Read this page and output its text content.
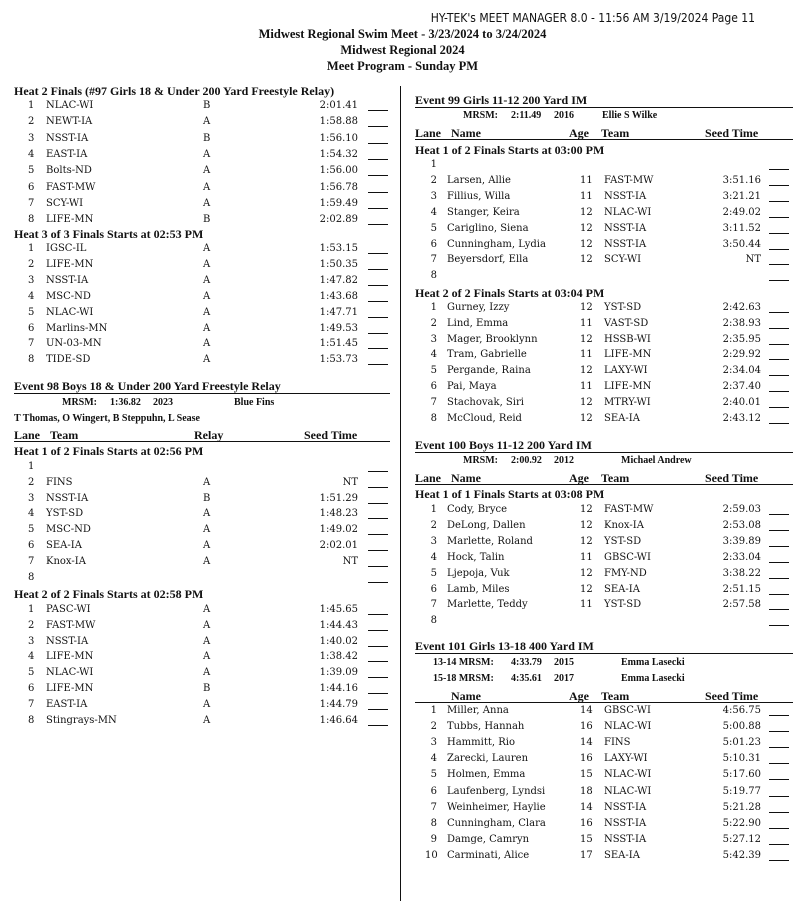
HY-TEK's MEET MANAGER 8.0 - 11:56 AM 3/19/2024 Page 11
Midwest Regional Swim Meet - 3/23/2024 to 3/24/2024
Midwest Regional 2024
Meet Program - Sunday PM
Heat 2 Finals (#97 Girls 18 & Under 200 Yard Freestyle Relay)
1 NLAC-WI	B	2:01.41
2 NEWT-IA	A	1:58.88
3 NSST-IA	B	1:56.10
4 EAST-IA	A	1:54.32
5 Bolts-ND	A	1:56.00
6 FAST-MW	A	1:56.78
7 SCY-WI	A	1:59.49
8 LIFE-MN	B	2:02.89
Heat 3 of 3 Finals Starts at 02:53 PM
1 IGSC-IL	A	1:53.15
2 LIFE-MN	A	1:50.35
3 NSST-IA	A	1:47.82
4 MSC-ND	A	1:43.68
5 NLAC-WI	A	1:47.71
6 Marlins-MN	A	1:49.53
7 UN-03-MN	A	1:51.45
8 TIDE-SD	A	1:53.73
Event 98 Boys 18 & Under 200 Yard Freestyle Relay
MRSM: 1:36.82 2023	Blue Fins
T Thomas, O Wingert, B Steppuhn, L Sease
Lane Team	Relay	Seed Time
Heat 1 of 2 Finals Starts at 02:56 PM
1
2 FINS	A	NT
3 NSST-IA	B	1:51.29
4 YST-SD	A	1:48.23
5 MSC-ND	A	1:49.02
6 SEA-IA	A	2:02.01
7 Knox-IA	A	NT
8
Heat 2 of 2 Finals Starts at 02:58 PM
1 PASC-WI	A	1:45.65
2 FAST-MW	A	1:44.43
3 NSST-IA	A	1:40.02
4 LIFE-MN	A	1:38.42
5 NLAC-WI	A	1:39.09
6 LIFE-MN	B	1:44.16
7 EAST-IA	A	1:44.79
8 Stingrays-MN	A	1:46.64
Event 99 Girls 11-12 200 Yard IM
MRSM: 2:11.49 2016	Ellie S Wilke
Lane Name	Age Team	Seed Time
Heat 1 of 2 Finals Starts at 03:00 PM
1
2 Larsen, Allie	11 FAST-MW	3:51.16
3 Fillius, Willa	11 NSST-IA	3:21.21
4 Stanger, Keira	12 NLAC-WI	2:49.02
5 Cariglino, Siena	12 NSST-IA	3:11.52
6 Cunningham, Lydia	12 NSST-IA	3:50.44
7 Beyersdorf, Ella	12 SCY-WI	NT
8
Heat 2 of 2 Finals Starts at 03:04 PM
1 Gurney, Izzy	12 YST-SD	2:42.63
2 Lind, Emma	11 VAST-SD	2:38.93
3 Mager, Brooklynn	12 HSSB-WI	2:35.95
4 Tram, Gabrielle	11 LIFE-MN	2:29.92
5 Pergande, Raina	12 LAXY-WI	2:34.04
6 Pai, Maya	11 LIFE-MN	2:37.40
7 Stachovak, Siri	12 MTRY-WI	2:40.01
8 McCloud, Reid	12 SEA-IA	2:43.12
Event 100 Boys 11-12 200 Yard IM
MRSM: 2:00.92 2012	Michael Andrew
Lane Name	Age Team	Seed Time
Heat 1 of 1 Finals Starts at 03:08 PM
1 Cody, Bryce	12 FAST-MW	2:59.03
2 DeLong, Dallen	12 Knox-IA	2:53.08
3 Marlette, Roland	12 YST-SD	3:39.89
4 Hock, Talin	11 GBSC-WI	2:33.04
5 Ljepoja, Vuk	12 FMY-ND	3:38.22
6 Lamb, Miles	12 SEA-IA	2:51.15
7 Marlette, Teddy	11 YST-SD	2:57.58
8
Event 101 Girls 13-18 400 Yard IM
13-14 MRSM: 4:33.79 2015	Emma Lasecki
15-18 MRSM: 4:35.61 2017	Emma Lasecki
Name	Age Team	Seed Time
1 Miller, Anna	14 GBSC-WI	4:56.75
2 Tubbs, Hannah	16 NLAC-WI	5:00.88
3 Hammitt, Rio	14 FINS	5:01.23
4 Zarecki, Lauren	16 LAXY-WI	5:10.31
5 Holmen, Emma	15 NLAC-WI	5:17.60
6 Laufenberg, Lyndsi	18 NLAC-WI	5:19.77
7 Weinheimer, Haylie	14 NSST-IA	5:21.28
8 Cunningham, Clara	16 NSST-IA	5:22.90
9 Damge, Camryn	15 NSST-IA	5:27.12
10 Carminati, Alice	17 SEA-IA	5:42.39
